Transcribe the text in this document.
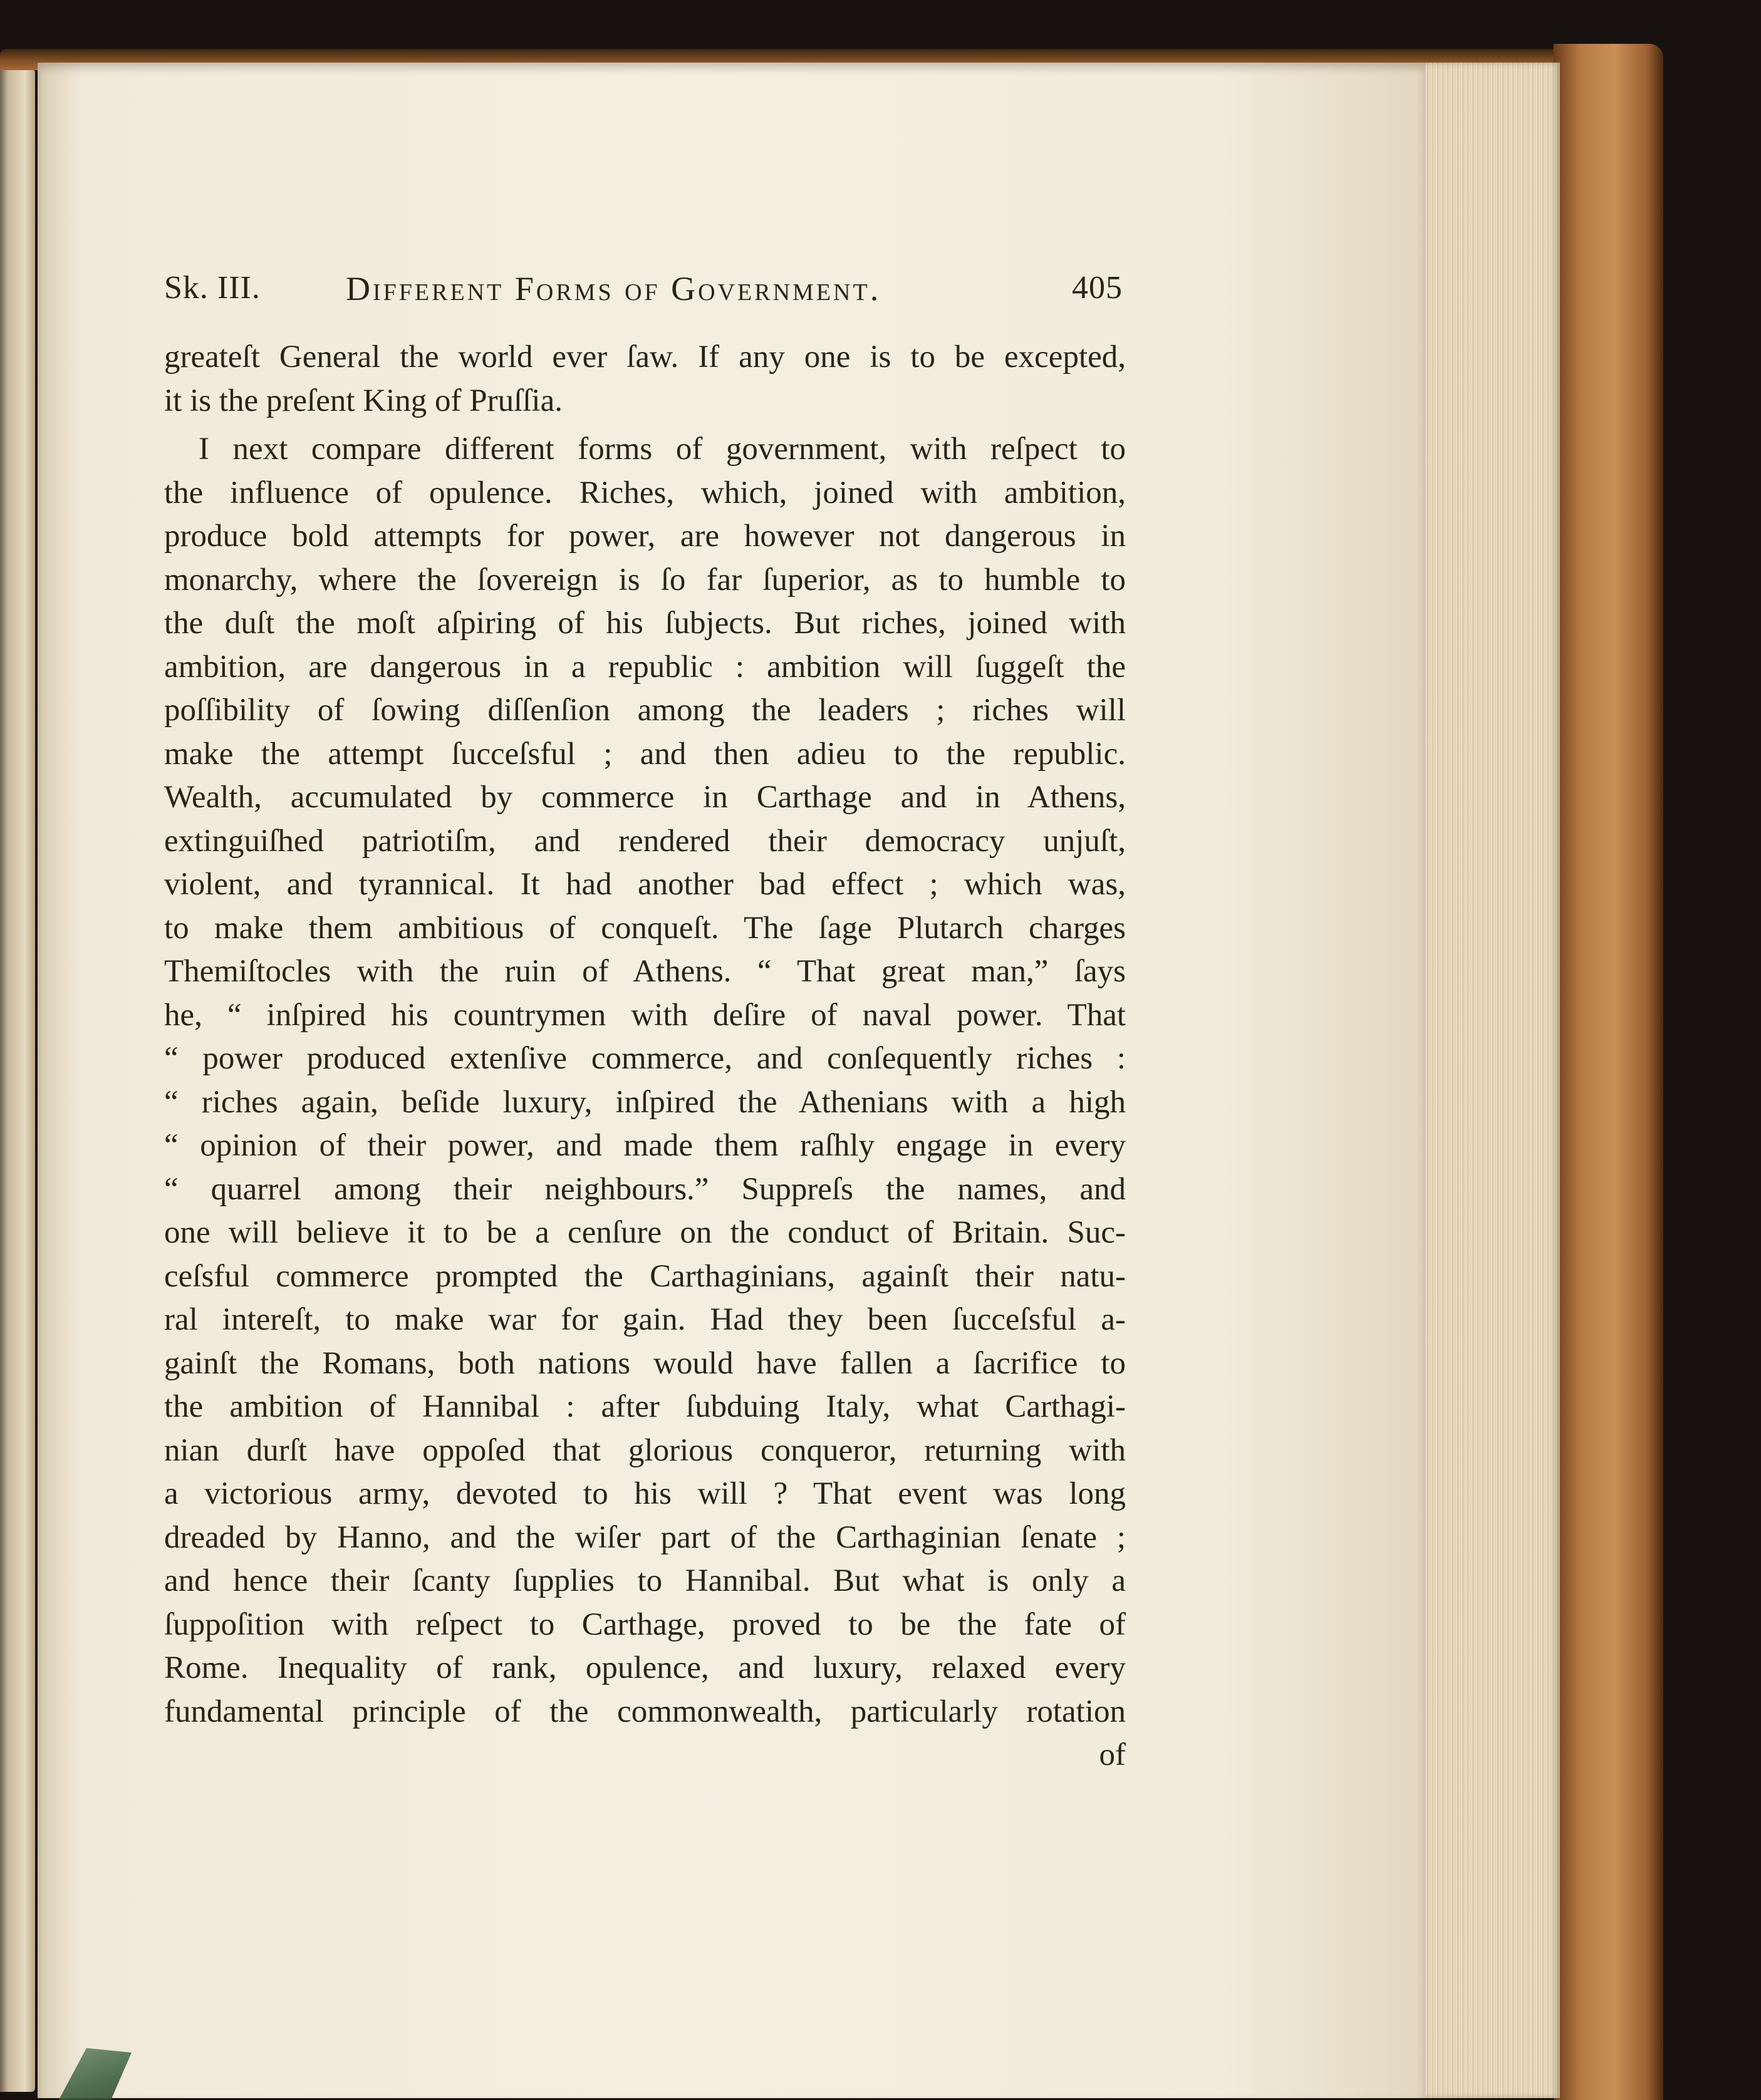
Sk. III.	Different Forms of Government.	405
greateſt General the world ever ſaw. If any one is to be excepted,
it is the preſent King of Pruſſia.
I next compare different forms of government, with reſpect to
the influence of opulence. Riches, which, joined with ambition,
produce bold attempts for power, are however not dangerous in
monarchy, where the ſovereign is ſo far ſuperior, as to humble to
the duſt the moſt aſpiring of his ſubjects. But riches, joined with
ambition, are dangerous in a republic : ambition will ſuggeſt the
poſſibility of ſowing diſſenſion among the leaders ; riches will
make the attempt ſucceſsful ; and then adieu to the republic.
Wealth, accumulated by commerce in Carthage and in Athens,
extinguiſhed patriotiſm, and rendered their democracy unjuſt,
violent, and tyrannical. It had another bad effect ; which was,
to make them ambitious of conqueſt. The ſage Plutarch charges
Themiſtocles with the ruin of Athens. “ That great man,” ſays
he, “ inſpired his countrymen with deſire of naval power. That
“ power produced extenſive commerce, and conſequently riches :
“ riches again, beſide luxury, inſpired the Athenians with a high
“ opinion of their power, and made them raſhly engage in every
“ quarrel among their neighbours.” Suppreſs the names, and
one will believe it to be a cenſure on the conduct of Britain. Suc-
ceſsful commerce prompted the Carthaginians, againſt their natu-
ral intereſt, to make war for gain. Had they been ſucceſsful a-
gainſt the Romans, both nations would have fallen a ſacrifice to
the ambition of Hannibal : after ſubduing Italy, what Carthagi-
nian durſt have oppoſed that glorious conqueror, returning with
a victorious army, devoted to his will ? That event was long
dreaded by Hanno, and the wiſer part of the Carthaginian ſenate ;
and hence their ſcanty ſupplies to Hannibal. But what is only a
ſuppoſition with reſpect to Carthage, proved to be the fate of
Rome. Inequality of rank, opulence, and luxury, relaxed every
fundamental principle of the commonwealth, particularly rotation
of
